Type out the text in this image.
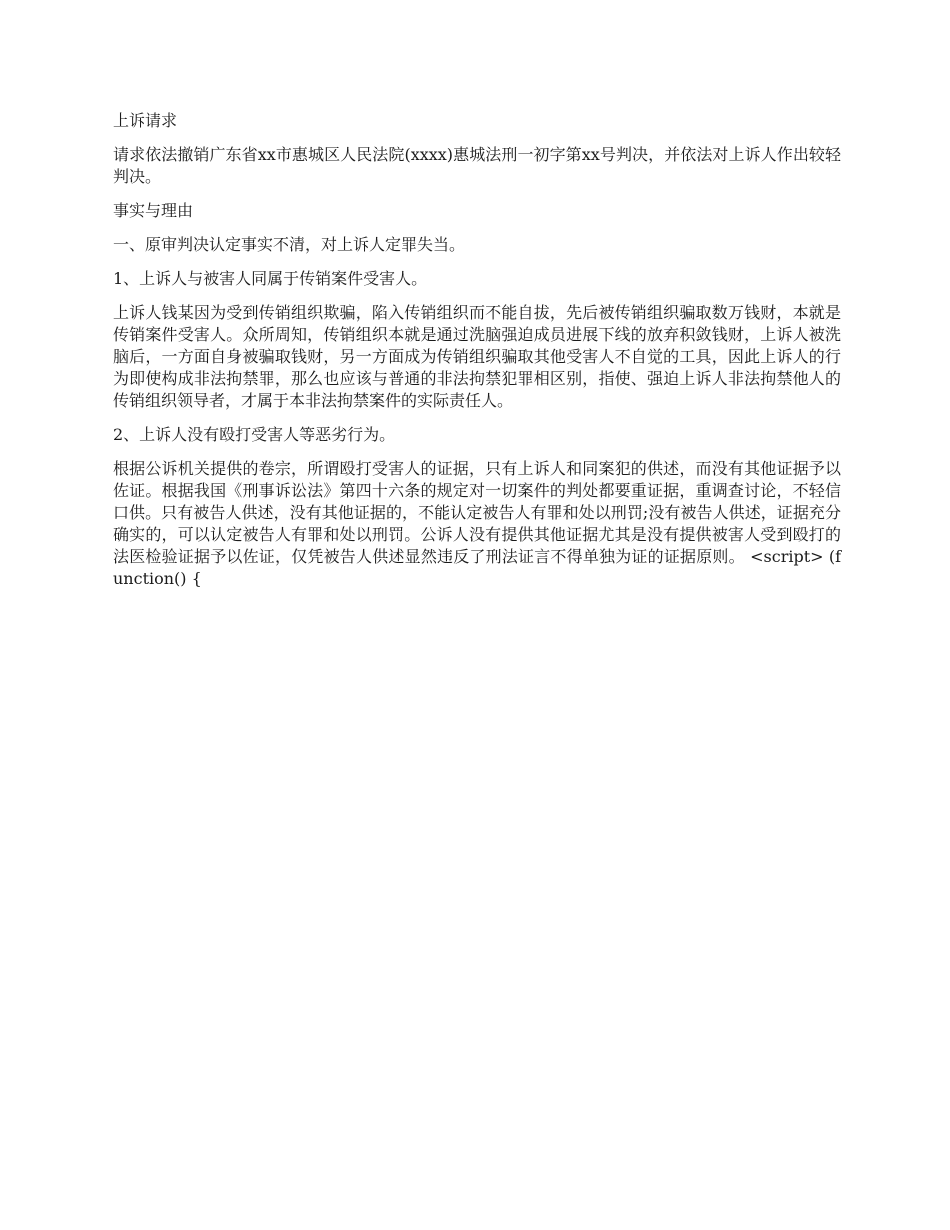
上诉请求

请求依法撤销广东省xx市惠城区人民法院(xxxx)惠城法刑一初字第xx号判决，并依法对上诉人作出较轻判决。

事实与理由

一、原审判决认定事实不清，对上诉人定罪失当。

1、上诉人与被害人同属于传销案件受害人。

上诉人钱某因为受到传销组织欺骗，陷入传销组织而不能自拔，先后被传销组织骗取数万钱财，本就是传销案件受害人。众所周知，传销组织本就是通过洗脑强迫成员进展下线的放弃积敛钱财，上诉人被洗脑后，一方面自身被骗取钱财，另一方面成为传销组织骗取其他受害人不自觉的工具，因此上诉人的行为即使构成非法拘禁罪，那么也应该与普通的非法拘禁犯罪相区别，指使、强迫上诉人非法拘禁他人的传销组织领导者，才属于本非法拘禁案件的实际责任人。

2、上诉人没有殴打受害人等恶劣行为。

根据公诉机关提供的卷宗，所谓殴打受害人的证据，只有上诉人和同案犯的供述，而没有其他证据予以佐证。根据我国《刑事诉讼法》第四十六条的规定对一切案件的判处都要重证据，重调查讨论，不轻信口供。只有被告人供述，没有其他证据的，不能认定被告人有罪和处以刑罚;没有被告人供述，证据充分确实的，可以认定被告人有罪和处以刑罚。公诉人没有提供其他证据尤其是没有提供被害人受到殴打的法医检验证据予以佐证，仅凭被告人供述显然违反了刑法证言不得单独为证的证据原则。 <script> (function() {
